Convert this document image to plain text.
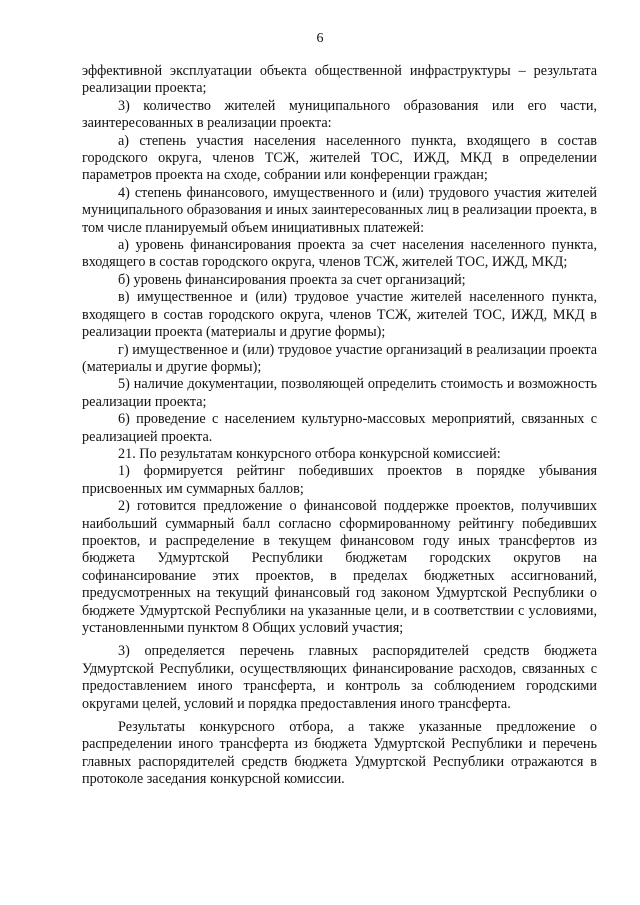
6

эффективной эксплуатации объекта общественной инфраструктуры – результата реализации проекта;

3) количество жителей муниципального образования или его части, заинтересованных в реализации проекта:

а) степень участия населения населенного пункта, входящего в состав городского округа, членов ТСЖ, жителей ТОС, ИЖД, МКД в определении параметров проекта на сходе, собрании или конференции граждан;

4) степень финансового, имущественного и (или) трудового участия жителей муниципального образования и иных заинтересованных лиц в реализации проекта, в том числе планируемый объем инициативных платежей:

а) уровень финансирования проекта за счет населения населенного пункта, входящего в состав городского округа, членов ТСЖ, жителей ТОС, ИЖД, МКД;

б) уровень финансирования проекта за счет организаций;

в) имущественное и (или) трудовое участие жителей населенного пункта, входящего в состав городского округа, членов ТСЖ, жителей ТОС, ИЖД, МКД в реализации проекта (материалы и другие формы);

г) имущественное и (или) трудовое участие организаций в реализации проекта (материалы и другие формы);

5) наличие документации, позволяющей определить стоимость и возможность реализации проекта;

6) проведение с населением культурно-массовых мероприятий, связанных с реализацией проекта.

21. По результатам конкурсного отбора конкурсной комиссией:

1) формируется рейтинг победивших проектов в порядке убывания присвоенных им суммарных баллов;

2) готовится предложение о финансовой поддержке проектов, получивших наибольший суммарный балл согласно сформированному рейтингу победивших проектов, и распределение в текущем финансовом году иных трансфертов из бюджета Удмуртской Республики бюджетам городских округов на софинансирование этих проектов, в пределах бюджетных ассигнований, предусмотренных на текущий финансовый год законом Удмуртской Республики о бюджете Удмуртской Республики на указанные цели, и в соответствии с условиями, установленными пунктом 8 Общих условий участия;

3) определяется перечень главных распорядителей средств бюджета Удмуртской Республики, осуществляющих финансирование расходов, связанных с предоставлением иного трансферта, и контроль за соблюдением городскими округами целей, условий и порядка предоставления иного трансферта.

Результаты конкурсного отбора, а также указанные предложение о распределении иного трансферта из бюджета Удмуртской Республики и перечень главных распорядителей средств бюджета Удмуртской Республики отражаются в протоколе заседания конкурсной комиссии.
